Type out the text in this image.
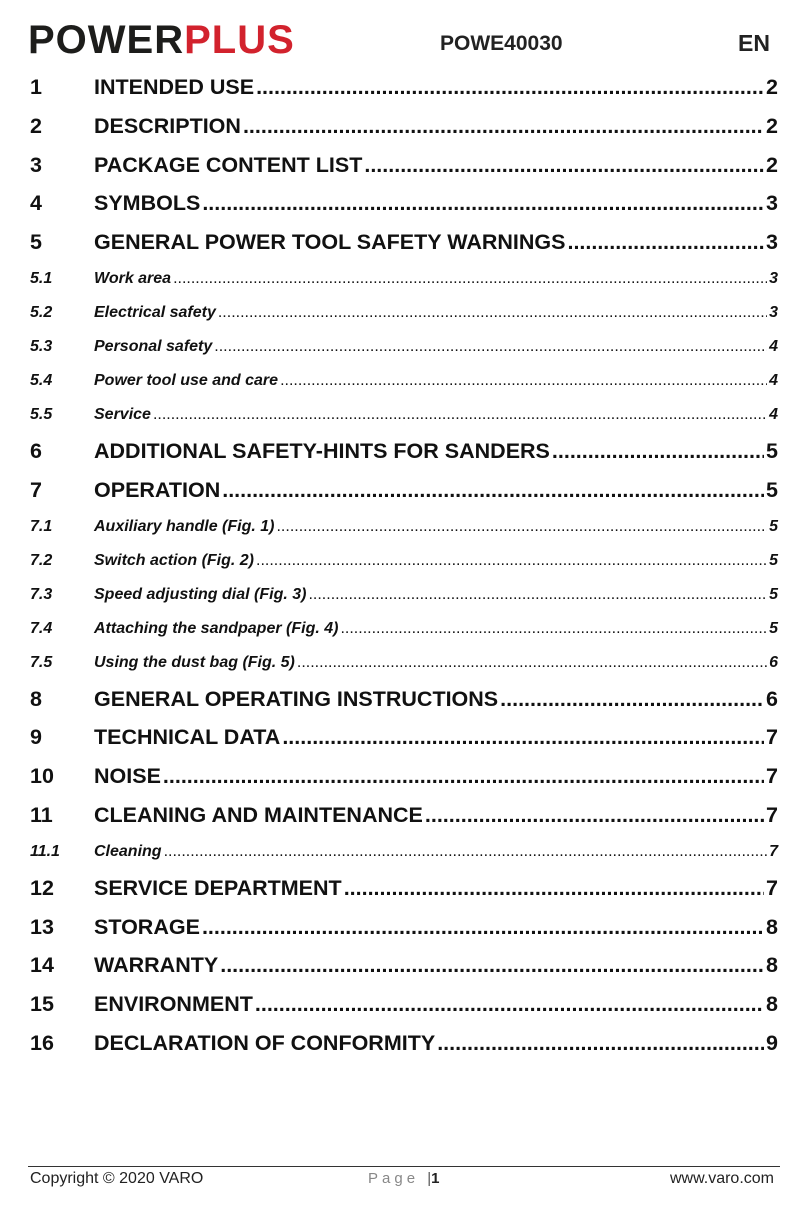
POWERPLUS	POWE40030	EN
1	INTENDED USE .....	2
2	DESCRIPTION .....	2
3	PACKAGE CONTENT LIST .....	2
4	SYMBOLS .....	3
5	GENERAL POWER TOOL SAFETY WARNINGS .....	3
5.1	Work area .....	3
5.2	Electrical safety .....	3
5.3	Personal safety .....	4
5.4	Power tool use and care .....	4
5.5	Service .....	4
6	ADDITIONAL SAFETY-HINTS FOR SANDERS .....	5
7	OPERATION .....	5
7.1	Auxiliary handle (Fig. 1) .....	5
7.2	Switch action (Fig. 2) .....	5
7.3	Speed adjusting dial (Fig. 3) .....	5
7.4	Attaching the sandpaper (Fig. 4) .....	5
7.5	Using the dust bag (Fig. 5) .....	6
8	GENERAL OPERATING INSTRUCTIONS .....	6
9	TECHNICAL DATA .....	7
10	NOISE .....	7
11	CLEANING AND MAINTENANCE .....	7
11.1	Cleaning .....	7
12	SERVICE DEPARTMENT .....	7
13	STORAGE .....	8
14	WARRANTY .....	8
15	ENVIRONMENT .....	8
16	DECLARATION OF CONFORMITY .....	9
Copyright © 2020 VARO	Page |1	www.varo.com
